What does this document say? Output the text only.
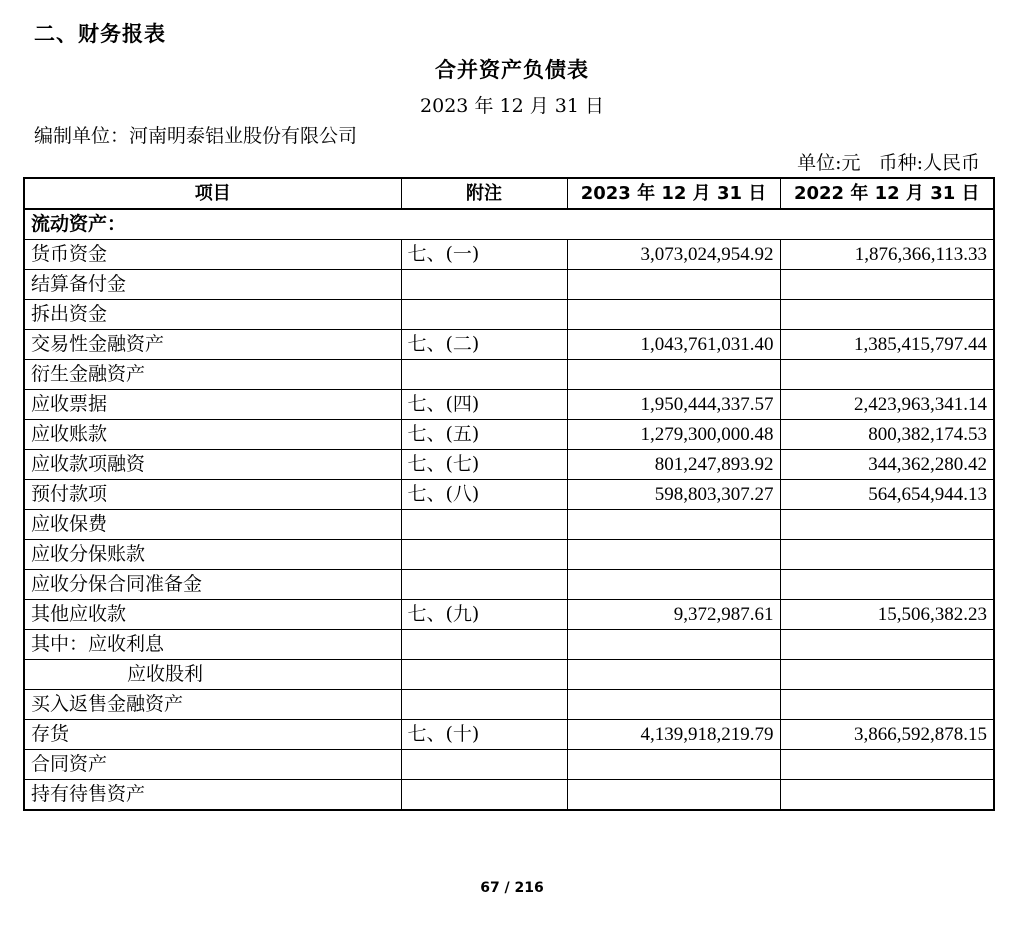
二、财务报表
合并资产负债表
2023 年 12 月 31 日
编制单位：河南明泰铝业股份有限公司
单位:元   币种:人民币
项目	附注	2023 年 12 月 31 日	2022 年 12 月 31 日
流动资产：			
货币资金	七、(一)	3,073,024,954.92	1,876,366,113.33
结算备付金			
拆出资金			
交易性金融资产	七、(二)	1,043,761,031.40	1,385,415,797.44
衍生金融资产			
应收票据	七、(四)	1,950,444,337.57	2,423,963,341.14
应收账款	七、(五)	1,279,300,000.48	800,382,174.53
应收款项融资	七、(七)	801,247,893.92	344,362,280.42
预付款项	七、(八)	598,803,307.27	564,654,944.13
应收保费			
应收分保账款			
应收分保合同准备金			
其他应收款	七、(九)	9,372,987.61	15,506,382.23
其中：应收利息			
应收股利			
买入返售金融资产			
存货	七、(十)	4,139,918,219.79	3,866,592,878.15
合同资产			
持有待售资产			
67 / 216
